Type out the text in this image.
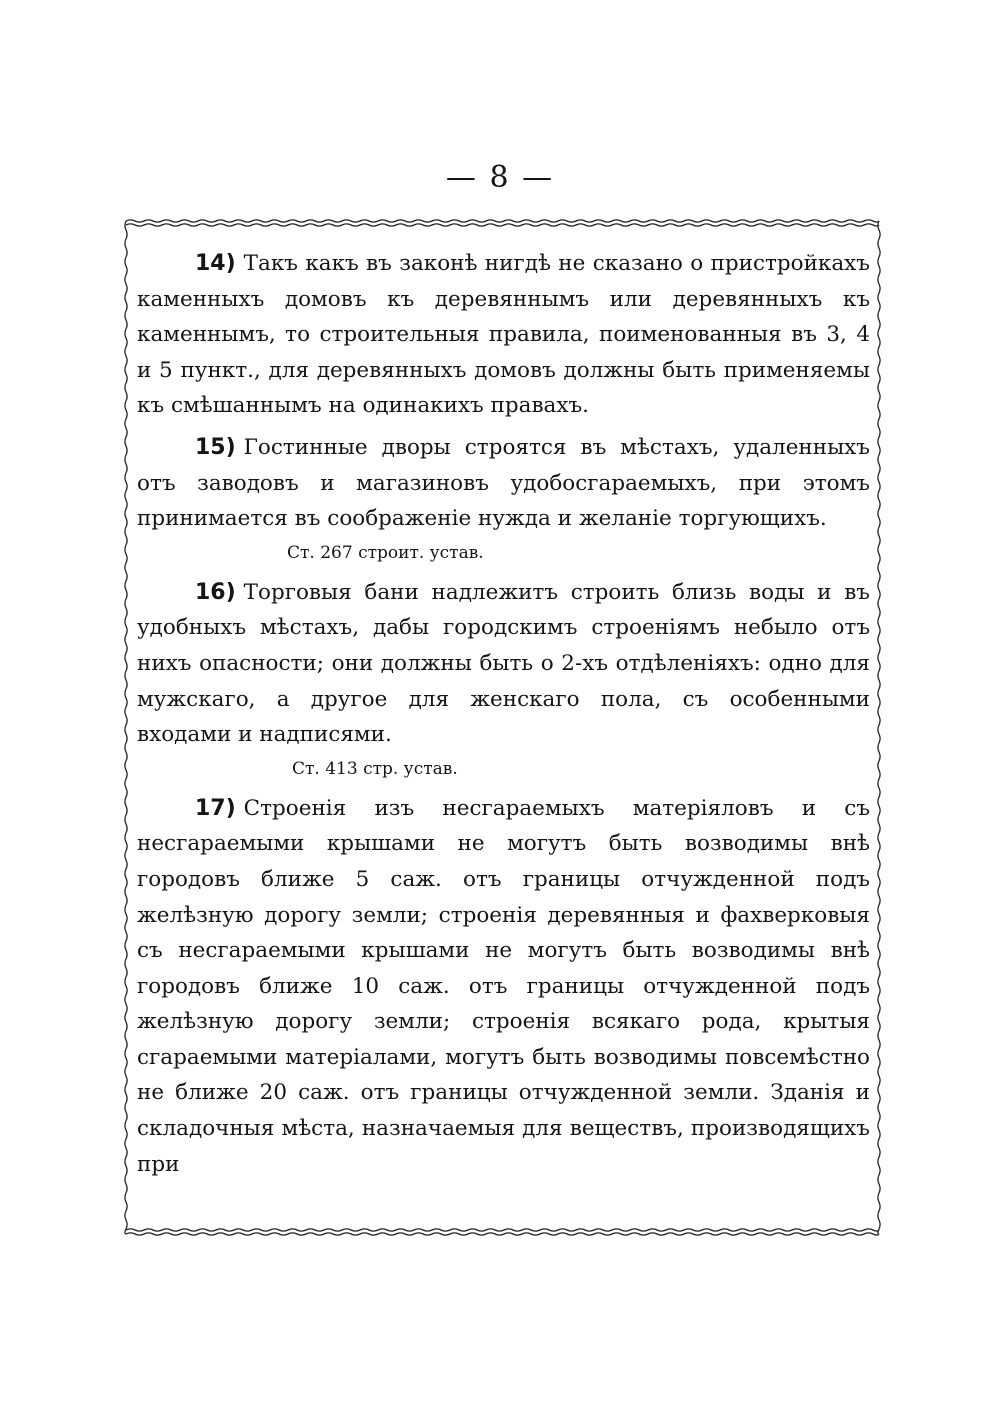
— 8 —

14) Такъ какъ въ законѣ нигдѣ не сказано о пристройкахъ каменныхъ домовъ къ деревяннымъ или деревянныхъ къ каменнымъ, то строительныя правила, поименованныя въ 3, 4 и 5 пункт., для деревянныхъ домовъ должны быть применяемы къ смѣшаннымъ на одинакихъ правахъ.

15) Гостинные дворы строятся въ мѣстахъ, удаленныхъ отъ заводовъ и магазиновъ удобосгараемыхъ, при этомъ принимается въ соображеніе нужда и желаніе торгующихъ.

Ст. 267 строит. устав.

16) Торговыя бани надлежитъ строить близь воды и въ удобныхъ мѣстахъ, дабы городскимъ строеніямъ небыло отъ нихъ опасности; они должны быть о 2-хъ отдѣленіяхъ: одно для мужскаго, а другое для женскаго пола, съ особенными входами и надписями.

Ст. 413 стр. устав.

17) Строенія изъ несгараемыхъ матеріяловъ и съ несгараемыми крышами не могутъ быть возводимы внѣ городовъ ближе 5 саж. отъ границы отчужденной подъ желѣзную дорогу земли; строенія деревянныя и фахверковыя съ несгараемыми крышами не могутъ быть возводимы внѣ городовъ ближе 10 саж. отъ границы отчужденной подъ желѣзную дорогу земли; строенія всякаго рода, крытыя сгараемыми матеріалами, могутъ быть возводимы повсемѣстно не ближе 20 саж. отъ границы отчужденной земли. Зданія и складочныя мѣста, назначаемыя для веществъ, производящихъ при
